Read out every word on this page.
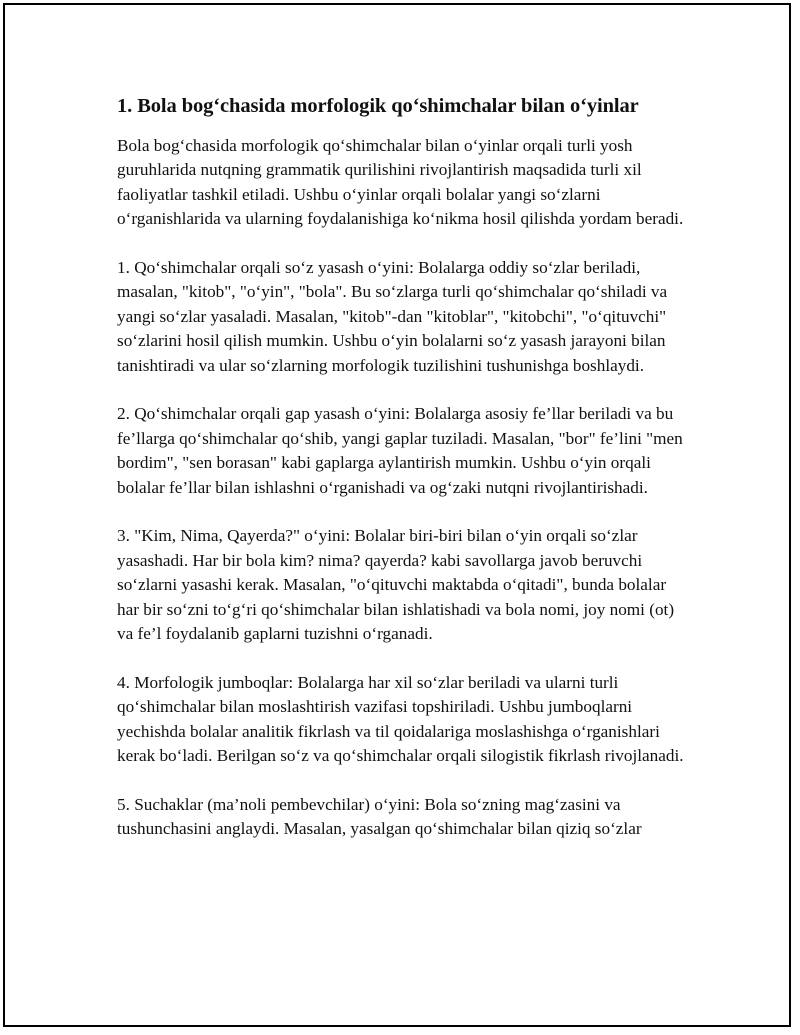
1. Bola bog‘chasida morfologik qo‘shimchalar bilan o‘yinlar

Bola bog‘chasida morfologik qo‘shimchalar bilan o‘yinlar orqali turli yosh guruhlarida nutqning grammatik qurilishini rivojlantirish maqsadida turli xil faoliyatlar tashkil etiladi. Ushbu o‘yinlar orqali bolalar yangi so‘zlarni o‘rganishlarida va ularning foydalanishiga ko‘nikma hosil qilishda yordam beradi.

1. Qo‘shimchalar orqali so‘z yasash o‘yini: Bolalarga oddiy so‘zlar beriladi, masalan, "kitob", "o‘yin", "bola". Bu so‘zlarga turli qo‘shimchalar qo‘shiladi va yangi so‘zlar yasaladi. Masalan, "kitob"-dan "kitoblar", "kitobchi", "o‘qituvchi" so‘zlarini hosil qilish mumkin. Ushbu o‘yin bolalarni so‘z yasash jarayoni bilan tanishtiradi va ular so‘zlarning morfologik tuzilishini tushunishga boshlaydi.

2. Qo‘shimchalar orqali gap yasash o‘yini: Bolalarga asosiy fe’llar beriladi va bu fe’llarga qo‘shimchalar qo‘shib, yangi gaplar tuziladi. Masalan, "bor" fe’lini "men bordim", "sen borasan" kabi gaplarga aylantirish mumkin. Ushbu o‘yin orqali bolalar fe’llar bilan ishlashni o‘rganishadi va og‘zaki nutqni rivojlantirishadi.

3. "Kim, Nima, Qayerda?" o‘yini: Bolalar biri-biri bilan o‘yin orqali so‘zlar yasashadi. Har bir bola kim? nima? qayerda? kabi savollarga javob beruvchi so‘zlarni yasashi kerak. Masalan, "o‘qituvchi maktabda o‘qitadi", bunda bolalar har bir so‘zni to‘g‘ri qo‘shimchalar bilan ishlatishadi va bola nomi, joy nomi (ot) va fe’l foydalanib gaplarni tuzishni o‘rganadi.

4. Morfologik jumboqlar: Bolalarga har xil so‘zlar beriladi va ularni turli qo‘shimchalar bilan moslashtirish vazifasi topshiriladi. Ushbu jumboqlarni yechishda bolalar analitik fikrlash va til qoidalariga moslashishga o‘rganishlari kerak bo‘ladi. Berilgan so‘z va qo‘shimchalar orqali silogistik fikrlash rivojlanadi.

5. Suchaklar (ma’noli pembevchilar) o‘yini: Bola so‘zning mag‘zasini va tushunchasini anglaydi. Masalan, yasalgan qo‘shimchalar bilan qiziq so‘zlar
